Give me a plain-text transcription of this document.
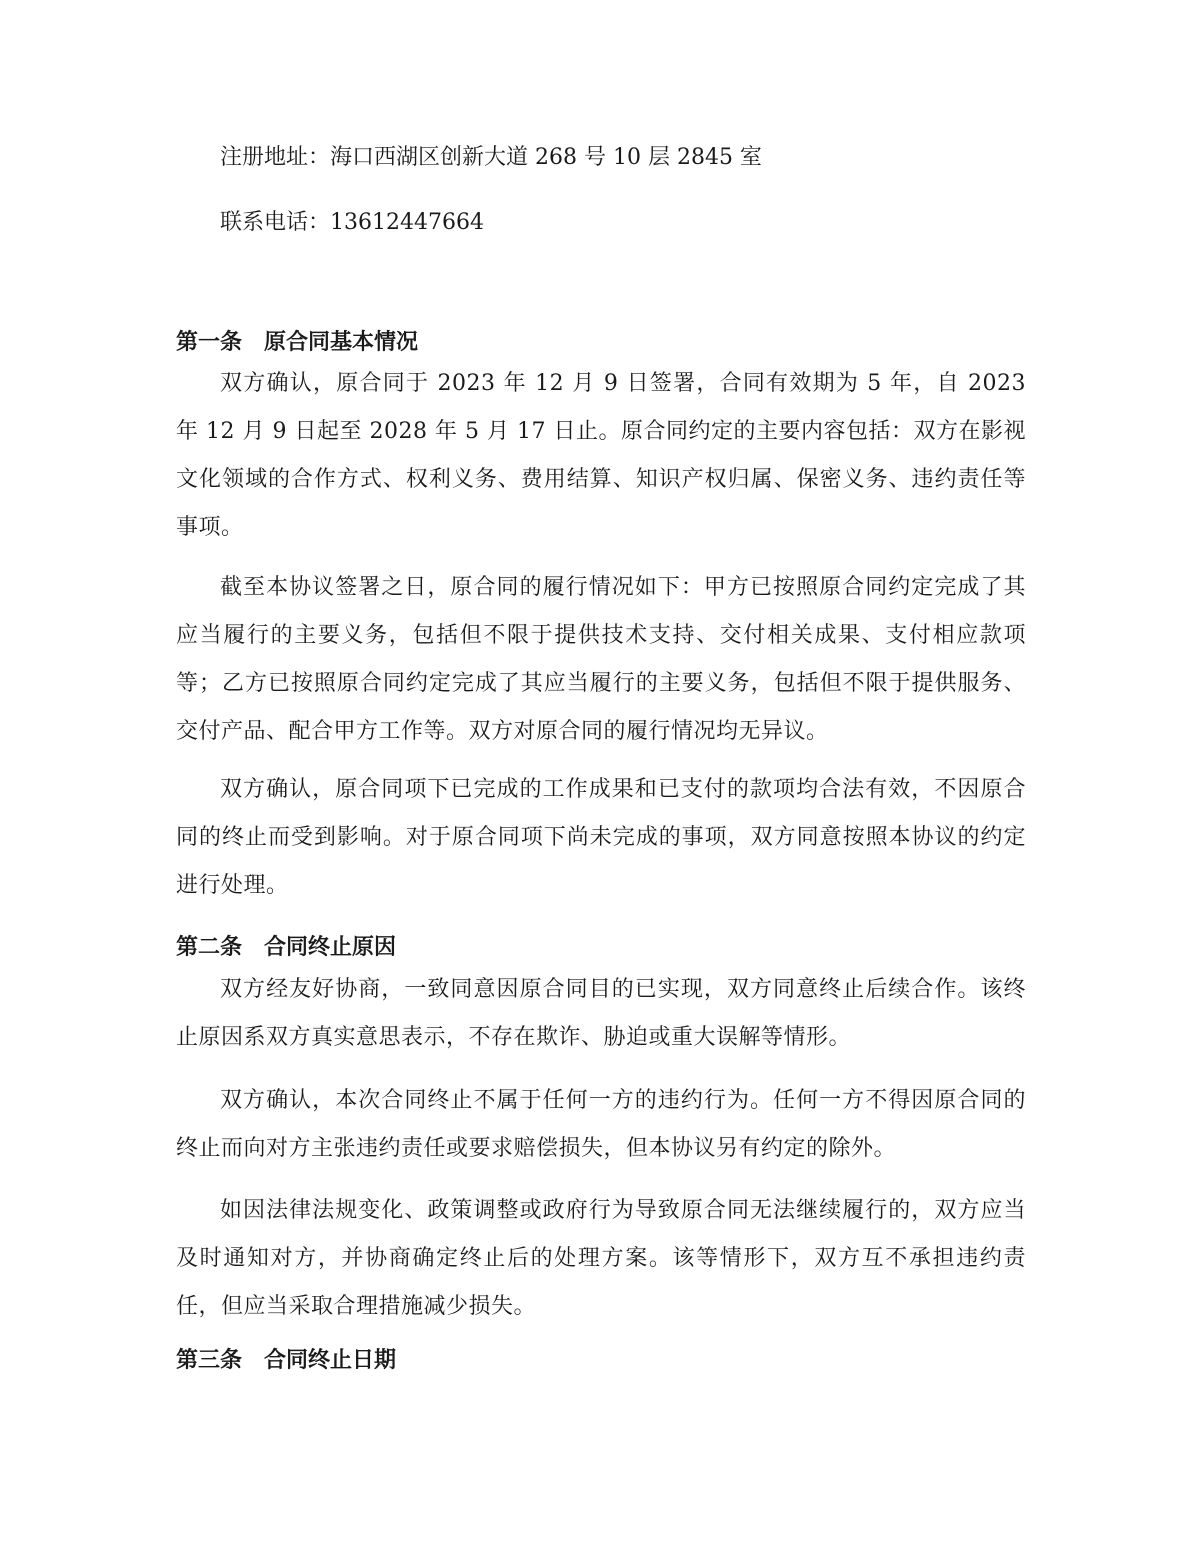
注册地址：海口西湖区创新大道 268 号 10 层 2845 室

联系电话：13612447664

第一条　原合同基本情况

双方确认，原合同于 2023 年 12 月 9 日签署，合同有效期为 5 年，自 2023 年 12 月 9 日起至 2028 年 5 月 17 日止。原合同约定的主要内容包括：双方在影视文化领域的合作方式、权利义务、费用结算、知识产权归属、保密义务、违约责任等事项。

截至本协议签署之日，原合同的履行情况如下：甲方已按照原合同约定完成了其应当履行的主要义务，包括但不限于提供技术支持、交付相关成果、支付相应款项等；乙方已按照原合同约定完成了其应当履行的主要义务，包括但不限于提供服务、交付产品、配合甲方工作等。双方对原合同的履行情况均无异议。

双方确认，原合同项下已完成的工作成果和已支付的款项均合法有效，不因原合同的终止而受到影响。对于原合同项下尚未完成的事项，双方同意按照本协议的约定进行处理。

第二条　合同终止原因

双方经友好协商，一致同意因原合同目的已实现，双方同意终止后续合作。该终止原因系双方真实意思表示，不存在欺诈、胁迫或重大误解等情形。

双方确认，本次合同终止不属于任何一方的违约行为。任何一方不得因原合同的终止而向对方主张违约责任或要求赔偿损失，但本协议另有约定的除外。

如因法律法规变化、政策调整或政府行为导致原合同无法继续履行的，双方应当及时通知对方，并协商确定终止后的处理方案。该等情形下，双方互不承担违约责任，但应当采取合理措施减少损失。

第三条　合同终止日期
